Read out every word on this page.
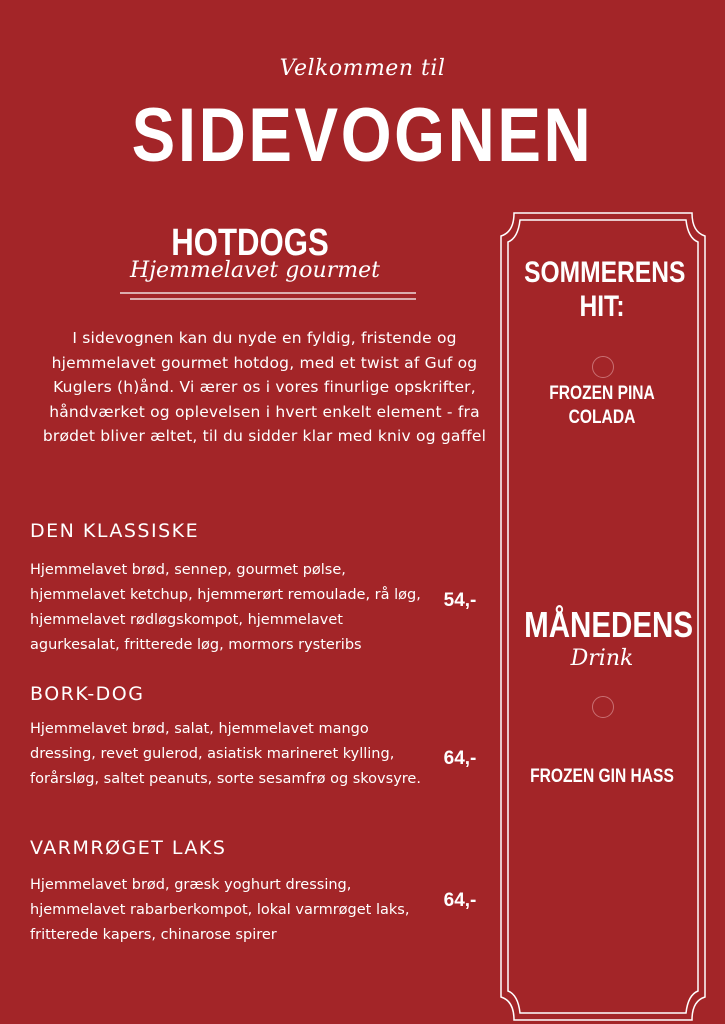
Velkommen til
SIDEVOGNEN
HOTDOGS
Hjemmelavet gourmet
I sidevognen kan du nyde en fyldig, fristende og hjemmelavet gourmet hotdog, med et twist af Guf og Kuglers (h)ånd. Vi ærer os i vores finurlige opskrifter, håndværket og oplevelsen i hvert enkelt element - fra brødet bliver æltet, til du sidder klar med kniv og gaffel
DEN KLASSISKE
Hjemmelavet brød, sennep, gourmet pølse, hjemmelavet ketchup, hjemmerørt remoulade, rå løg, hjemmelavet rødløgskompot, hjemmelavet agurkesalat, fritterede løg, mormors rysteribs
54,-
BORK-DOG
Hjemmelavet brød, salat, hjemmelavet mango dressing, revet gulerod, asiatisk marineret kylling, forårsløg, saltet peanuts, sorte sesamfrø og skovsyre.
64,-
VARMRØGET LAKS
Hjemmelavet brød, græsk yoghurt dressing, hjemmelavet rabarberkompot, lokal varmrøget laks, fritterede kapers, chinarose spirer
64,-
SOMMERENS HIT:
FROZEN PINA COLADA
MÅNEDENS
Drink
FROZEN GIN HASS
